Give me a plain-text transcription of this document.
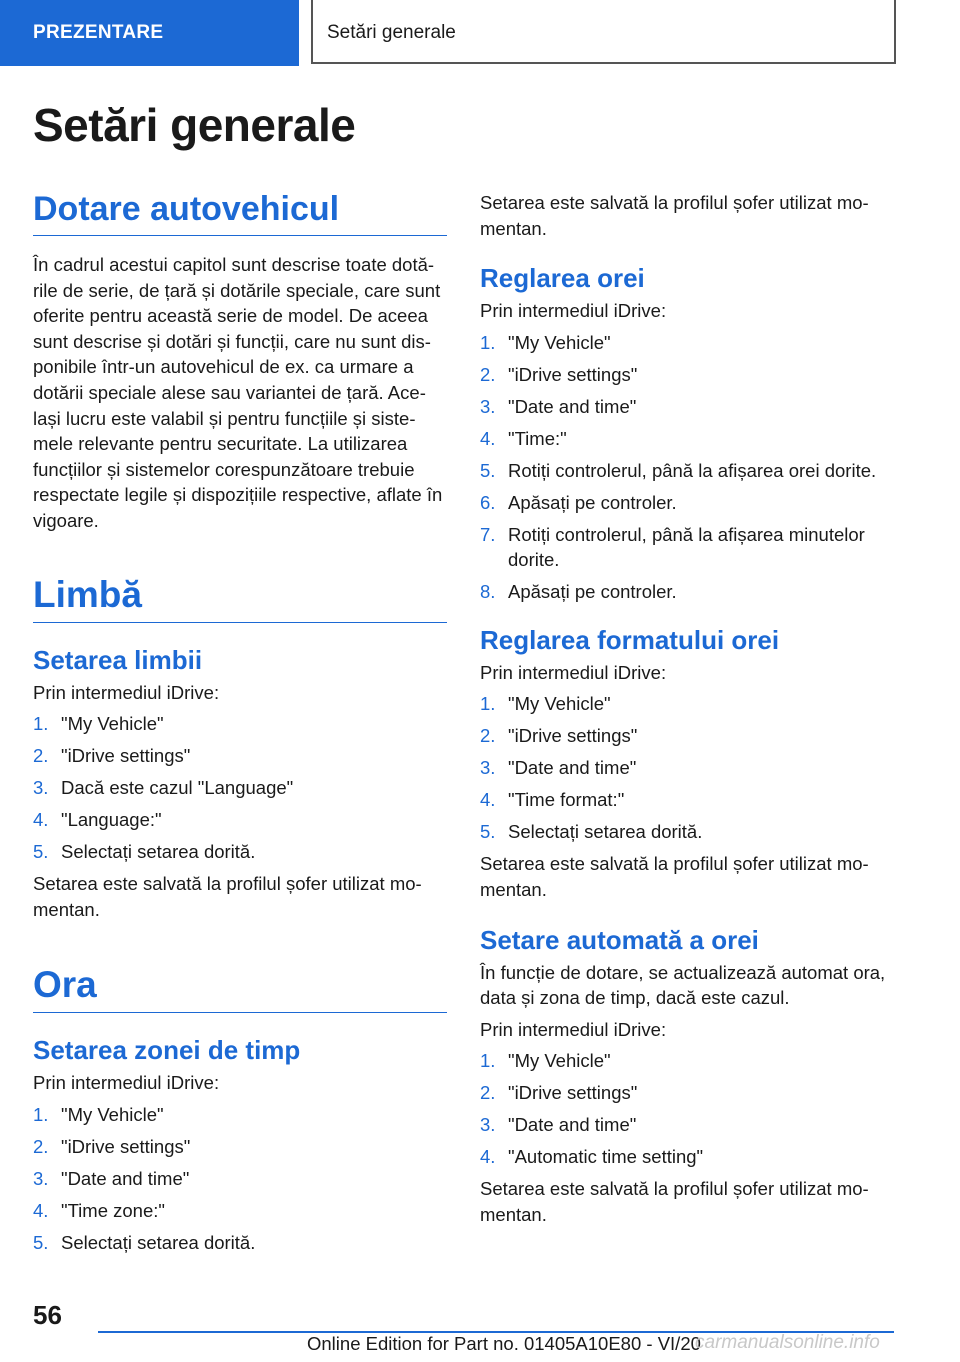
PREZENTARE	Setări generale
Setări generale
Dotare autovehicul

În cadrul acestui capitol sunt descrise toate dotările de serie, de țară și dotările speciale, care sunt oferite pentru această serie de model. De aceea sunt descrise și dotări și funcții, care nu sunt disponibile într-un autovehicul de ex. ca urmare a dotării speciale alese sau variantei de țară. Același lucru este valabil și pentru funcțiile și sistemele relevante pentru securitate. La utilizarea funcțiilor și sistemelor corespunzătoare trebuie respectate legile și dispozițiile respective, aflate în vigoare.

Limbă
Setarea limbii

Prin intermediul iDrive:

1. "My Vehicle"
2. "iDrive settings"
3. Dacă este cazul "Language"
4. "Language:"
5. Selectați setarea dorită.

Setarea este salvată la profilul șofer utilizat momentan.

Ora
Setarea zonei de timp

Prin intermediul iDrive:

1. "My Vehicle"
2. "iDrive settings"
3. "Date and time"
4. "Time zone:"
5. Selectați setarea dorită.

Setarea este salvată la profilul șofer utilizat momentan.

Reglarea orei

Prin intermediul iDrive:

1. "My Vehicle"
2. "iDrive settings"
3. "Date and time"
4. "Time:"
5. Rotiți controlerul, până la afișarea orei dorite.
6. Apăsați pe controler.
7. Rotiți controlerul, până la afișarea minutelor dorite.
8. Apăsați pe controler.
Reglarea formatului orei

Prin intermediul iDrive:

1. "My Vehicle"
2. "iDrive settings"
3. "Date and time"
4. "Time format:"
5. Selectați setarea dorită.

Setarea este salvată la profilul șofer utilizat momentan.

Setare automată a orei

În funcție de dotare, se actualizează automat ora, data și zona de timp, dacă este cazul.

Prin intermediul iDrive:

1. "My Vehicle"
2. "iDrive settings"
3. "Date and time"
4. "Automatic time setting"

Setarea este salvată la profilul șofer utilizat momentan.

56
Online Edition for Part no. 01405A10E80 - VI/20
carmanualsonline.info
